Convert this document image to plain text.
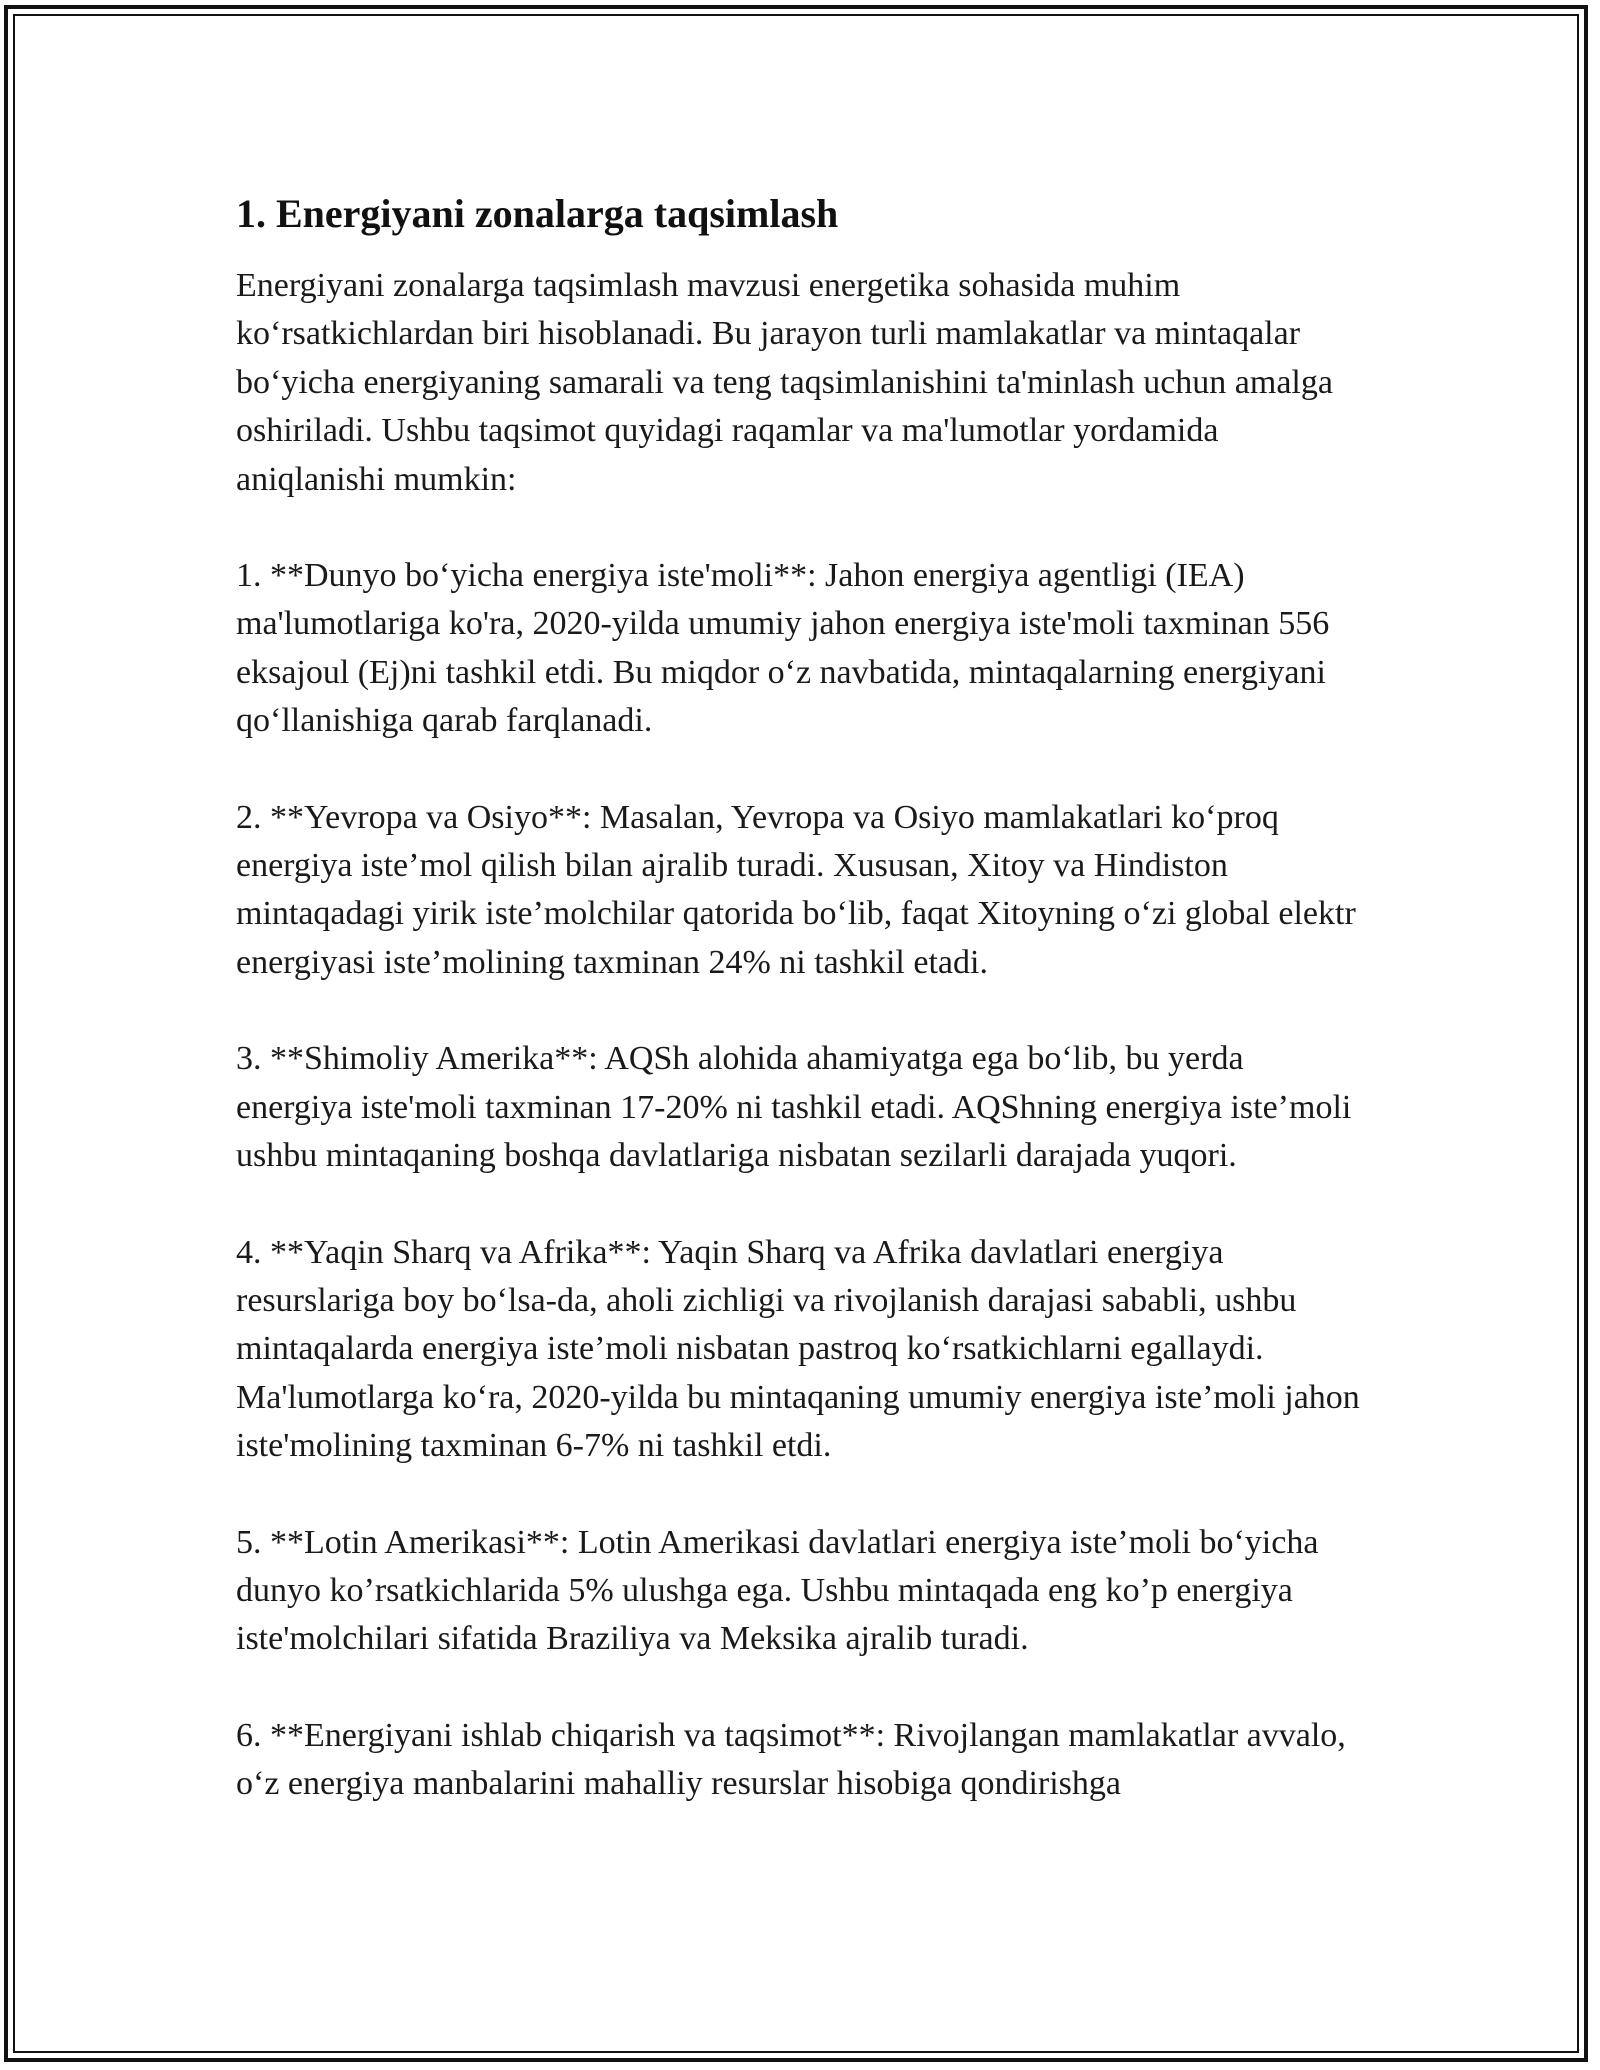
1. Energiyani zonalarga taqsimlash

Energiyani zonalarga taqsimlash mavzusi energetika sohasida muhim koʻrsatkichlardan biri hisoblanadi. Bu jarayon turli mamlakatlar va mintaqalar boʻyicha energiyaning samarali va teng taqsimlanishini ta'minlash uchun amalga oshiriladi. Ushbu taqsimot quyidagi raqamlar va ma'lumotlar yordamida aniqlanishi mumkin:

1. **Dunyo boʻyicha energiya iste'moli**: Jahon energiya agentligi (IEA) ma'lumotlariga ko'ra, 2020-yilda umumiy jahon energiya iste'moli taxminan 556 eksajoul (Ej)ni tashkil etdi. Bu miqdor oʻz navbatida, mintaqalarning energiyani qoʻllanishiga qarab farqlanadi.

2. **Yevropa va Osiyo**: Masalan, Yevropa va Osiyo mamlakatlari koʻproq energiya iste’mol qilish bilan ajralib turadi. Xususan, Xitoy va Hindiston mintaqadagi yirik iste’molchilar qatorida boʻlib, faqat Xitoyning oʻzi global elektr energiyasi iste’molining taxminan 24% ni tashkil etadi.

3. **Shimoliy Amerika**: AQSh alohida ahamiyatga ega boʻlib, bu yerda energiya iste'moli taxminan 17-20% ni tashkil etadi. AQShning energiya iste’moli ushbu mintaqaning boshqa davlatlariga nisbatan sezilarli darajada yuqori.

4. **Yaqin Sharq va Afrika**: Yaqin Sharq va Afrika davlatlari energiya resurslariga boy boʻlsa-da, aholi zichligi va rivojlanish darajasi sababli, ushbu mintaqalarda energiya iste’moli nisbatan pastroq koʻrsatkichlarni egallaydi. Ma'lumotlarga koʻra, 2020-yilda bu mintaqaning umumiy energiya iste’moli jahon iste'molining taxminan 6-7% ni tashkil etdi.

5. **Lotin Amerikasi**: Lotin Amerikasi davlatlari energiya iste’moli boʻyicha dunyo ko’rsatkichlarida 5% ulushga ega. Ushbu mintaqada eng ko’p energiya iste'molchilari sifatida Braziliya va Meksika ajralib turadi.

6. **Energiyani ishlab chiqarish va taqsimot**: Rivojlangan mamlakatlar avvalo, oʻz energiya manbalarini mahalliy resurslar hisobiga qondirishga
